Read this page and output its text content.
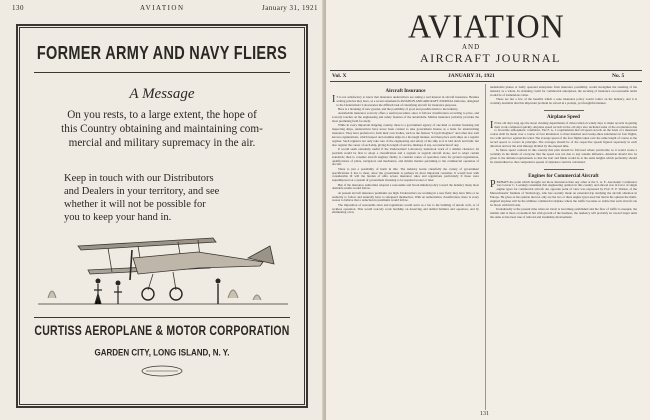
130	AVIATION	January 31, 1921
FORMER ARMY AND NAVY FLIERS
A Message
On you rests, to a large extent, the hope of
this Country obtaining and maintaining com-
mercial and military supremacy in the air.
Keep in touch with our Distributors
and Dealers in your territory, and see
whether it will not be possible for
you to keep your hand in.
CURTISS AEROPLANE & MOTOR CORPORATION
GARDEN CITY, LONG ISLAND, N. Y.
AVIATION
AND
AIRCRAFT JOURNAL
Vol. X	JANUARY 31, 1921	No. 5
Aircraft Insurance

I T is not satisfactory to know that insurance underwriters are taking a real interest in aircraft insurance. Besides writing policies they have, as a recent statement in AVIATION AND AIRCRAFT JOURNAL indicates, delegated to the Underwriters' Laboratories the difficult task of classifying aircraft for insurance purposes.

Here is a breaking of new ground, and the possibility of good and possible harm to the industry.

Automobile insurance scarcely offers a useful precedent, since it follows classification according to price, and scarcely touches on the engineering and safety features of the automobile. Marine insurance probably provides the most promising field for study.

While in every important shipping country, there is a government agency of one kind or another licensing and inspecting ships, underwriters have never been content to take government license as a basis for underwriting insurance. They have preferred to form their own bodies, such as the famous "Lloyd's Register" and other less well known organizations, which inspect and examine ships in a thorough manner, and then place each ships on a regular register. Such registers not only take care of the engineering and safety of the ship as it is laid down and built, but also register the career of each ship, giving its length of service, mishaps if any, reconstruction if any.

It would seem extremely useful if the Underwriters' Laboratory undertook work of a similar character. Its problem would be first to adopt a classification and a register as regards aircraft alone, and to adopt certain standards; then to consider aircraft engines; finally to consider routes of operation, rules for ground organization, qualifications of pilots, navigators and mechanics, and similar matters pertaining to the commercial operation of aircraft.

There is just a possibility of harm in this. The industry learns cheerfully the variety of government specifications it has to meet, since the government is perhaps its most important customer. It would bear with considerable ill will the burden of ultra severe insurance rules and regulations particularly if these were superimposed on a system of government licensing to be required sooner or later.

But, if the insurance authorities adopted a reasonable and broad-minded policy toward the industry many most desirable results would follow.

At present aircraft insurance premiums are high. Underwriters are working in a new field; they have little or no authority to follow and naturally have to safeguard themselves. With an authoritative classification, there is every reason to believe that a reduction in premiums would follow.

The imposition of reasonable rules and regulations would serve as a bar to the building of unsafe craft, or of reckless operation. This would scarcely work hardship on deserving and skilled builders and operators, and by eliminating a few

undesirable planes or badly operated enterprises from insurance possibility, would strengthen the standing of the industry as a whole. In obtaining credit for commercial enterprises, the securing of insurance on reasonable terms would be of tremendous value.

These are but a few of the benefits which a sane insurance policy would confer on the industry, and it is certainly desirable that this important problem be solved in a prompt, yet thoughtful manner.

Airplane Speed

I N the old days long ago the street cleaning departments of cities relied on windy days to make records in getting their work completed quickly. Airplane speed records in the old days also included some of the acceleration due to favorable atmospheric conditions. The F. A. I. requirements that all speed records on the basis of a measured course shall be made over a course of four kilometers to three hundred and twenty-three kilometers in four flights, two with and two against the wind. The average speed of the four flights taken over the same length of course as the record speed, is correct in principle. The averages should be of the respective speeds figured separately in each direction and not the total mileage divided by the elapsed time.

In future speed contests in this country this plan should be followed where practicable as it would create a certainty in the minds of everyone that the speed was not due to any outside influence. Attention should also be given to the altitude requirements so that the start and finish would be at the same heights which preferably should be standardized so that comparative speeds of airplanes could be calculated.

Engines for Commercial Aircraft

PERHAPS the point which brought out more discussion than any other at the S. A. E. Aeronautic Conference was Grover C. Loening's statement that engineering opinion in this country and abroad was in favor of single engine types for commercial aircraft. An opposite point of view was expressed by Prof. E. P. Warner, of the Massachusetts' Institute of Technology, who has recently made an extended trip studying the aircraft situation in Europe. He gives as his opinion that not only are the two or three engine types used but that in his opinion the multi-engined airplane will be the ultimate commercial airplane where the traffic becomes so stable that such aircraft can be flown with full loads.

Undoubtedly at the present time when air travel is becoming established and the flow of traffic is unequal, the smaller unit is more economical but with growth of the business, the tendency will probably be toward larger units the same as has been true of railroad and steamship development.

131
